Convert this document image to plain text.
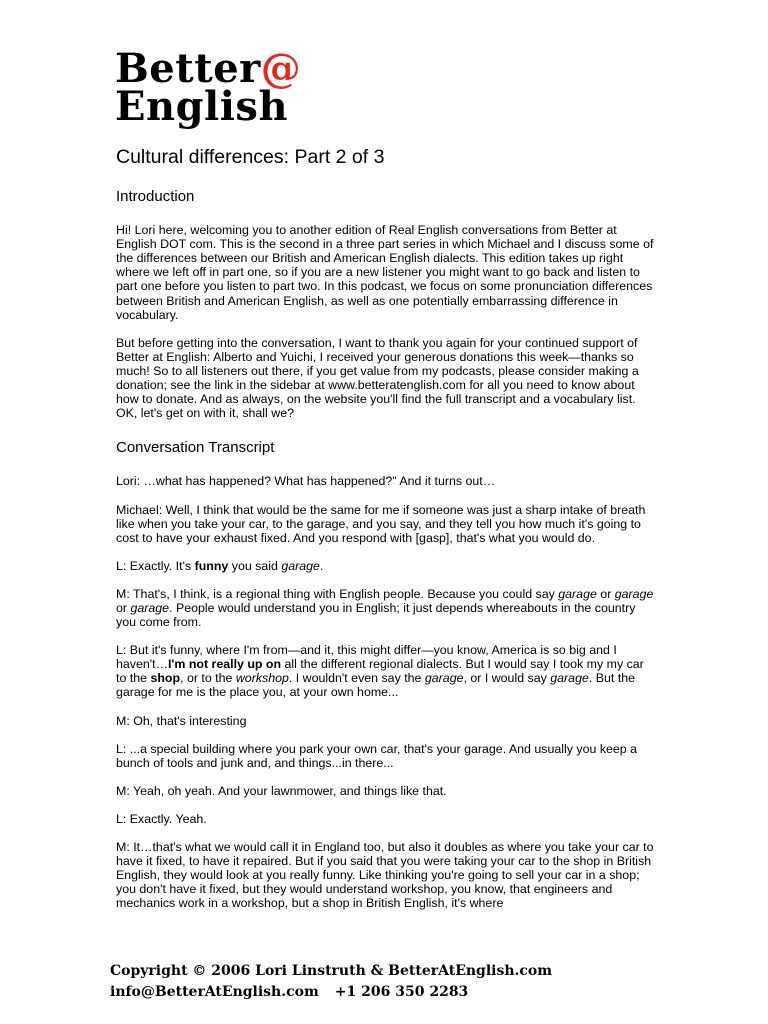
Better@
English
Cultural differences: Part 2 of 3
Introduction

Hi! Lori here, welcoming you to another edition of Real English conversations from Better at English DOT com. This is the second in a three part series in which Michael and I discuss some of the differences between our British and American English dialects. This edition takes up right where we left off in part one, so if you are a new listener you might want to go back and listen to part one before you listen to part two. In this podcast, we focus on some pronunciation differences between British and American English, as well as one potentially embarrassing difference in vocabulary.

But before getting into the conversation, I want to thank you again for your continued support of Better at English: Alberto and Yuichi, I received your generous donations this week—thanks so much! So to all listeners out there, if you get value from my podcasts, please consider making a donation; see the link in the sidebar at www.betteratenglish.com for all you need to know about how to donate. And as always, on the website you'll find the full transcript and a vocabulary list. OK, let's get on with it, shall we?

Conversation Transcript

Lori: …what has happened? What has happened?" And it turns out…

Michael: Well, I think that would be the same for me if someone was just a sharp intake of breath like when you take your car, to the garage, and you say, and they tell you how much it's going to cost to have your exhaust fixed. And you respond with [gasp], that's what you would do.

L: Exactly. It's funny you said garage.

M: That's, I think, is a regional thing with English people. Because you could say garage or garage or garage. People would understand you in English; it just depends whereabouts in the country you come from.

L: But it's funny, where I'm from—and it, this might differ—you know, America is so big and I haven't…I'm not really up on all the different regional dialects. But I would say I took my my car to the shop, or to the workshop. I wouldn't even say the garage, or I would say garage. But the garage for me is the place you, at your own home...

M: Oh, that's interesting

L: ...a special building where you park your own car, that's your garage. And usually you keep a bunch of tools and junk and, and things...in there...

M: Yeah, oh yeah. And your lawnmower, and things like that.

L: Exactly. Yeah.

M: It…that's what we would call it in England too, but also it doubles as where you take your car to have it fixed, to have it repaired. But if you said that you were taking your car to the shop in British English, they would look at you really funny. Like thinking you're going to sell your car in a shop; you don't have it fixed, but they would understand workshop, you know, that engineers and mechanics work in a workshop, but a shop in British English, it's where

Copyright © 2006 Lori Linstruth & BetterAtEnglish.com
info@BetterAtEnglish.com +1 206 350 2283
